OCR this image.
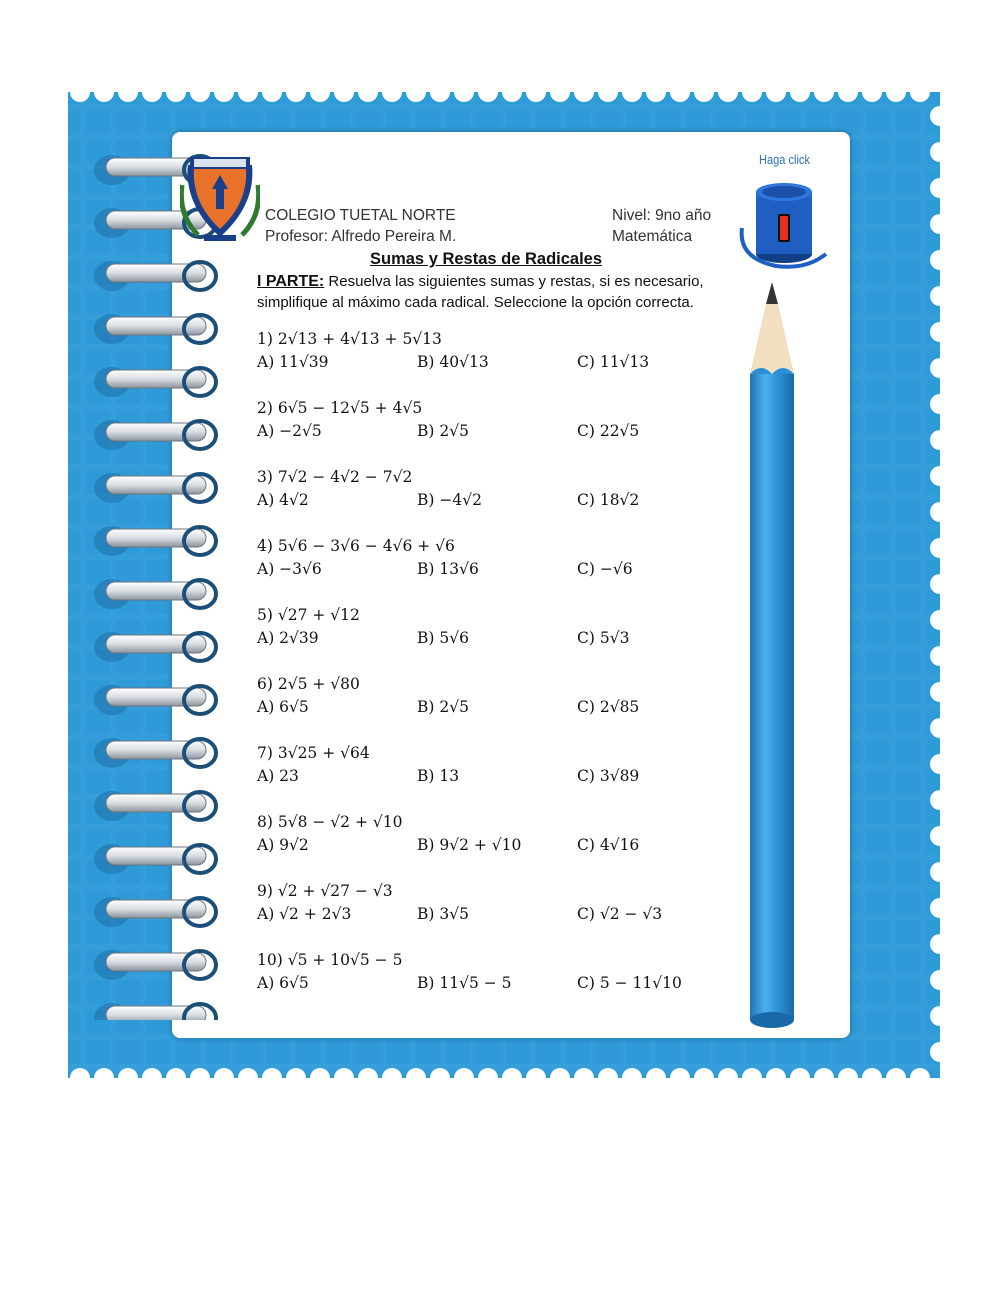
COLEGIO TUETAL NORTE
Profesor: Alfredo Pereira M.
Nivel: 9no año
Matemática
Haga click
Sumas y Restas de Radicales
I PARTE: Resuelva las siguientes sumas y restas, si es necesario, simplifique al máximo cada radical. Seleccione la opción correcta.
1) 2√13 + 4√13 + 5√13
A) 11√39	B) 40√13	C) 11√13
2) 6√5 − 12√5 + 4√5
A) −2√5	B) 2√5	C) 22√5
3) 7√2 − 4√2 − 7√2
A) 4√2	B) −4√2	C) 18√2
4) 5√6 − 3√6 − 4√6 + √6
A) −3√6	B) 13√6	C) −√6
5) √27 + √12
A) 2√39	B) 5√6	C) 5√3
6) 2√5 + √80
A) 6√5	B) 2√5	C) 2√85
7) 3√25 + √64
A) 23	B) 13	C) 3√89
8) 5√8 − √2 + √10
A) 9√2	B) 9√2 + √10	C) 4√16
9) √2 + √27 − √3
A) √2 + 2√3	B) 3√5	C) √2 − √3
10) √5 + 10√5 − 5
A) 6√5	B) 11√5 − 5	C) 5 − 11√10
